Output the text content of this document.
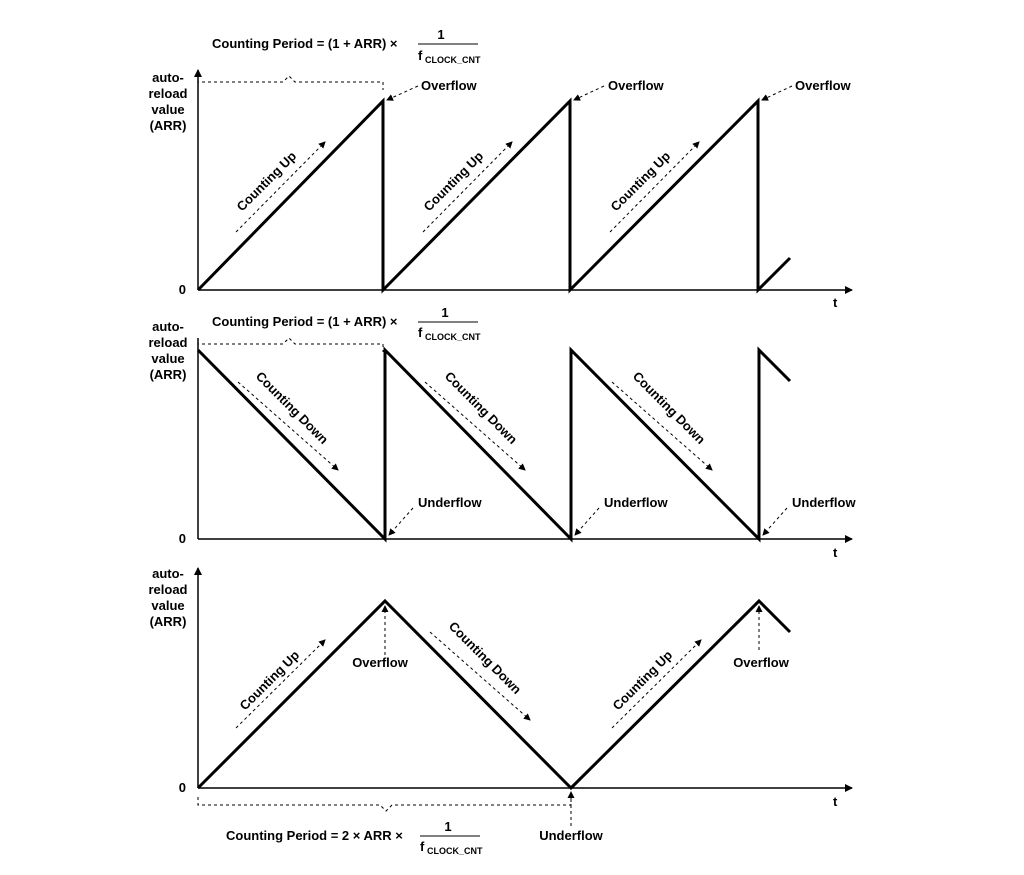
Counting Period = (1 + ARR) ×
1
f CLOCK_CNT
auto-
reload
value
(ARR)
0
t
Overflow	Overflow	Overflow
Counting Up	Counting Up	Counting Up
Counting Period = (1 + ARR) ×
1
f CLOCK_CNT
auto-
reload
value
(ARR)
0
t
Underflow	Underflow	Underflow
Counting Down	Counting Down	Counting Down
auto-
reload
value
(ARR)
0
t
Overflow	Overflow
Underflow
Counting Up	Counting Down	Counting Up
Counting Period = 2 × ARR ×
1
f CLOCK_CNT
